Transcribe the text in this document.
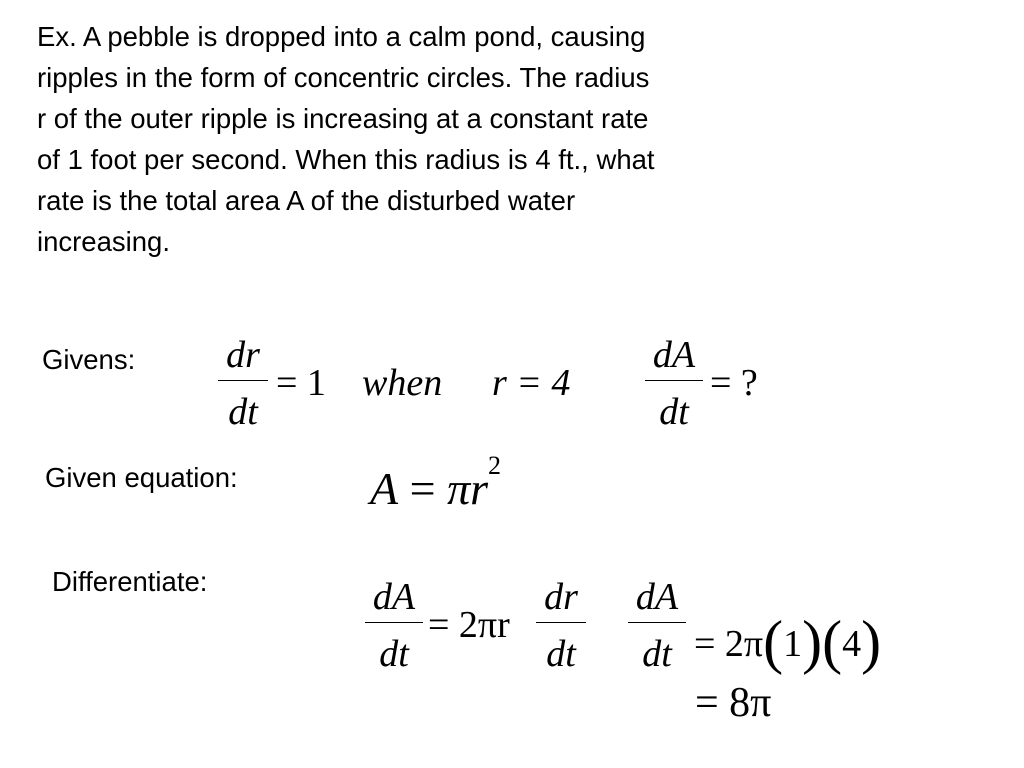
Ex. A pebble is dropped into a calm pond, causing
ripples in the form of concentric circles. The radius
r of the outer ripple is increasing at a constant rate
of 1 foot per second. When this radius is 4 ft., what
rate is the total area A of the disturbed water
increasing.
Givens: dr
dt
= 1 when r = 4
dA
dt
= ?
Given equation:	$A = \pi r^2$
Differentiate:	dA
dt
= 2πr
dr
dt
dA
dt = 2π(1)(4)
= 8π
